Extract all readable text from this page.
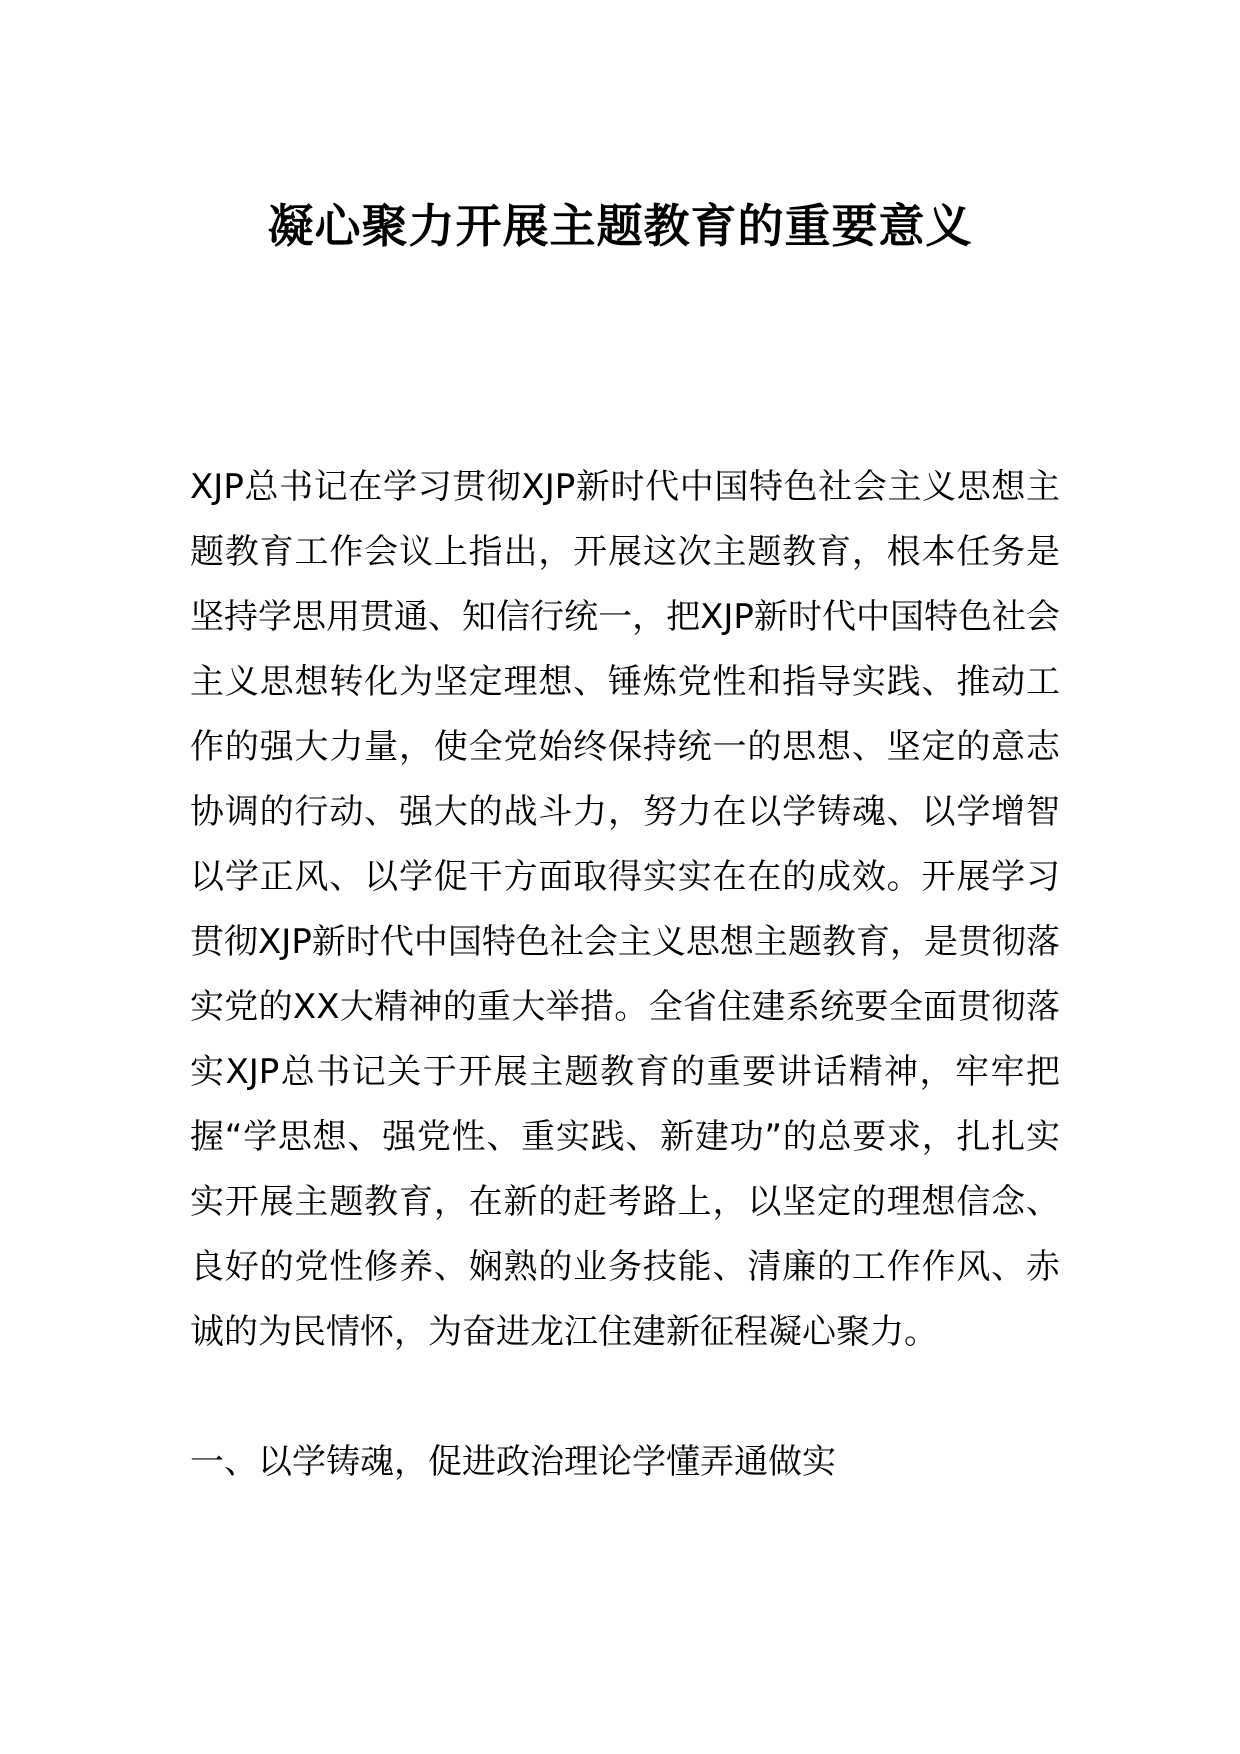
凝心聚力开展主题教育的重要意义

XJP总书记在学习贯彻XJP新时代中国特色社会主义思想主题教育工作会议上指出，开展这次主题教育，根本任务是坚持学思用贯通、知信行统一，把XJP新时代中国特色社会主义思想转化为坚定理想、锤炼党性和指导实践、推动工作的强大力量，使全党始终保持统一的思想、坚定的意志协调的行动、强大的战斗力，努力在以学铸魂、以学增智以学正风、以学促干方面取得实实在在的成效。开展学习贯彻XJP新时代中国特色社会主义思想主题教育，是贯彻落实党的XX大精神的重大举措。全省住建系统要全面贯彻落实XJP总书记关于开展主题教育的重要讲话精神，牢牢把握“学思想、强党性、重实践、新建功”的总要求，扎扎实实开展主题教育，在新的赶考路上，以坚定的理想信念、良好的党性修养、娴熟的业务技能、清廉的工作作风、赤诚的为民情怀，为奋进龙江住建新征程凝心聚力。

一、以学铸魂，促进政治理论学懂弄通做实
